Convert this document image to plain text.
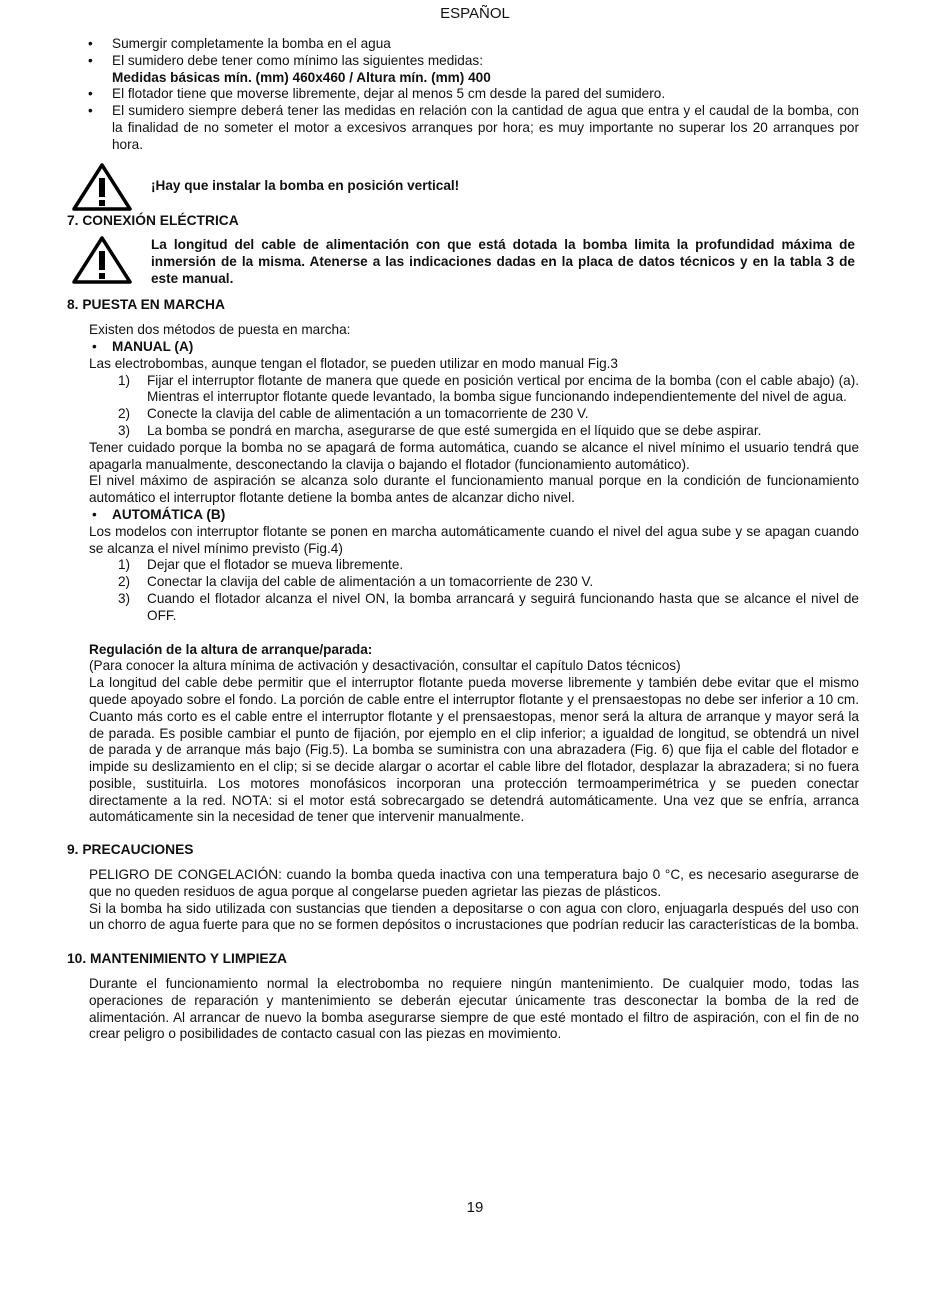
ESPAÑOL
• Sumergir completamente la bomba en el agua
• El sumidero debe tener como mínimo las siguientes medidas:
Medidas básicas mín. (mm) 460x460 / Altura mín. (mm) 400
• El flotador tiene que moverse libremente, dejar al menos 5 cm desde la pared del sumidero.
• El sumidero siempre deberá tener las medidas en relación con la cantidad de agua que entra y el caudal de la bomba, con la finalidad de no someter el motor a excesivos arranques por hora; es muy importante no superar los 20 arranques por hora.
¡Hay que instalar la bomba en posición vertical!
7. CONEXIÓN ELÉCTRICA
La longitud del cable de alimentación con que está dotada la bomba limita la profundidad máxima de inmersión de la misma. Atenerse a las indicaciones dadas en la placa de datos técnicos y en la tabla 3 de este manual.
8. PUESTA EN MARCHA
Existen dos métodos de puesta en marcha:
• MANUAL (A)
Las electrobombas, aunque tengan el flotador, se pueden utilizar en modo manual Fig.3
1) Fijar el interruptor flotante de manera que quede en posición vertical por encima de la bomba (con el cable abajo) (a). Mientras el interruptor flotante quede levantado, la bomba sigue funcionando independientemente del nivel de agua.
2) Conecte la clavija del cable de alimentación a un tomacorriente de 230 V.
3) La bomba se pondrá en marcha, asegurarse de que esté sumergida en el líquido que se debe aspirar.
Tener cuidado porque la bomba no se apagará de forma automática, cuando se alcance el nivel mínimo el usuario tendrá que apagarla manualmente, desconectando la clavija o bajando el flotador (funcionamiento automático).
El nivel máximo de aspiración se alcanza solo durante el funcionamiento manual porque en la condición de funcionamiento automático el interruptor flotante detiene la bomba antes de alcanzar dicho nivel.
• AUTOMÁTICA (B)
Los modelos con interruptor flotante se ponen en marcha automáticamente cuando el nivel del agua sube y se apagan cuando se alcanza el nivel mínimo previsto (Fig.4)
1) Dejar que el flotador se mueva libremente.
2) Conectar la clavija del cable de alimentación a un tomacorriente de 230 V.
3) Cuando el flotador alcanza el nivel ON, la bomba arrancará y seguirá funcionando hasta que se alcance el nivel de OFF.
Regulación de la altura de arranque/parada:
(Para conocer la altura mínima de activación y desactivación, consultar el capítulo Datos técnicos)
La longitud del cable debe permitir que el interruptor flotante pueda moverse libremente y también debe evitar que el mismo quede apoyado sobre el fondo. La porción de cable entre el interruptor flotante y el prensaestopas no debe ser inferior a 10 cm. Cuanto más corto es el cable entre el interruptor flotante y el prensaestopas, menor será la altura de arranque y mayor será la de parada. Es posible cambiar el punto de fijación, por ejemplo en el clip inferior; a igualdad de longitud, se obtendrá un nivel de parada y de arranque más bajo (Fig.5). La bomba se suministra con una abrazadera (Fig. 6) que fija el cable del flotador e impide su deslizamiento en el clip; si se decide alargar o acortar el cable libre del flotador, desplazar la abrazadera; si no fuera posible, sustituirla. Los motores monofásicos incorporan una protección termoamperimétrica y se pueden conectar directamente a la red. NOTA: si el motor está sobrecargado se detendrá automáticamente. Una vez que se enfría, arranca automáticamente sin la necesidad de tener que intervenir manualmente.
9. PRECAUCIONES
PELIGRO DE CONGELACIÓN: cuando la bomba queda inactiva con una temperatura bajo 0 °C, es necesario asegurarse de que no queden residuos de agua porque al congelarse pueden agrietar las piezas de plásticos.
Si la bomba ha sido utilizada con sustancias que tienden a depositarse o con agua con cloro, enjuagarla después del uso con un chorro de agua fuerte para que no se formen depósitos o incrustaciones que podrían reducir las características de la bomba.
10. MANTENIMIENTO Y LIMPIEZA
Durante el funcionamiento normal la electrobomba no requiere ningún mantenimiento. De cualquier modo, todas las operaciones de reparación y mantenimiento se deberán ejecutar únicamente tras desconectar la bomba de la red de alimentación. Al arrancar de nuevo la bomba asegurarse siempre de que esté montado el filtro de aspiración, con el fin de no crear peligro o posibilidades de contacto casual con las piezas en movimiento.
19
